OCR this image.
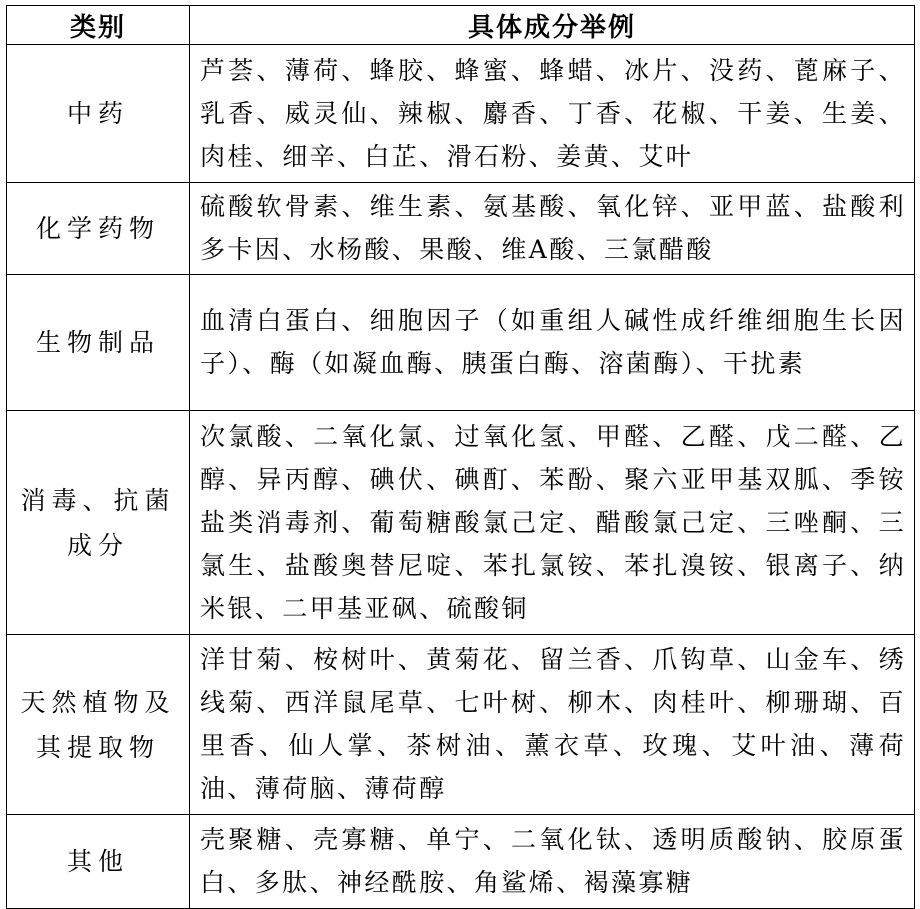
类别	具体成分举例
中药	芦荟、薄荷、蜂胶、蜂蜜、蜂蜡、冰片、没药、蓖麻子、乳香、威灵仙、辣椒、麝香、丁香、花椒、干姜、生姜、肉桂、细辛、白芷、滑石粉、姜黄、艾叶
化学药物	硫酸软骨素、维生素、氨基酸、氧化锌、亚甲蓝、盐酸利多卡因、水杨酸、果酸、维A酸、三氯醋酸
生物制品	血清白蛋白、细胞因子（如重组人碱性成纤维细胞生长因子）、酶（如凝血酶、胰蛋白酶、溶菌酶）、干扰素
消毒、抗菌成分	次氯酸、二氧化氯、过氧化氢、甲醛、乙醛、戊二醛、乙醇、异丙醇、碘伏、碘酊、苯酚、聚六亚甲基双胍、季铵盐类消毒剂、葡萄糖酸氯己定、醋酸氯己定、三唑酮、三氯生、盐酸奥替尼啶、苯扎氯铵、苯扎溴铵、银离子、纳米银、二甲基亚砜、硫酸铜
天然植物及其提取物	洋甘菊、桉树叶、黄菊花、留兰香、爪钩草、山金车、绣线菊、西洋鼠尾草、七叶树、柳木、肉桂叶、柳珊瑚、百里香、仙人掌、茶树油、薰衣草、玫瑰、艾叶油、薄荷油、薄荷脑、薄荷醇
其他	壳聚糖、壳寡糖、单宁、二氧化钛、透明质酸钠、胶原蛋白、多肽、神经酰胺、角鲨烯、褐藻寡糖
